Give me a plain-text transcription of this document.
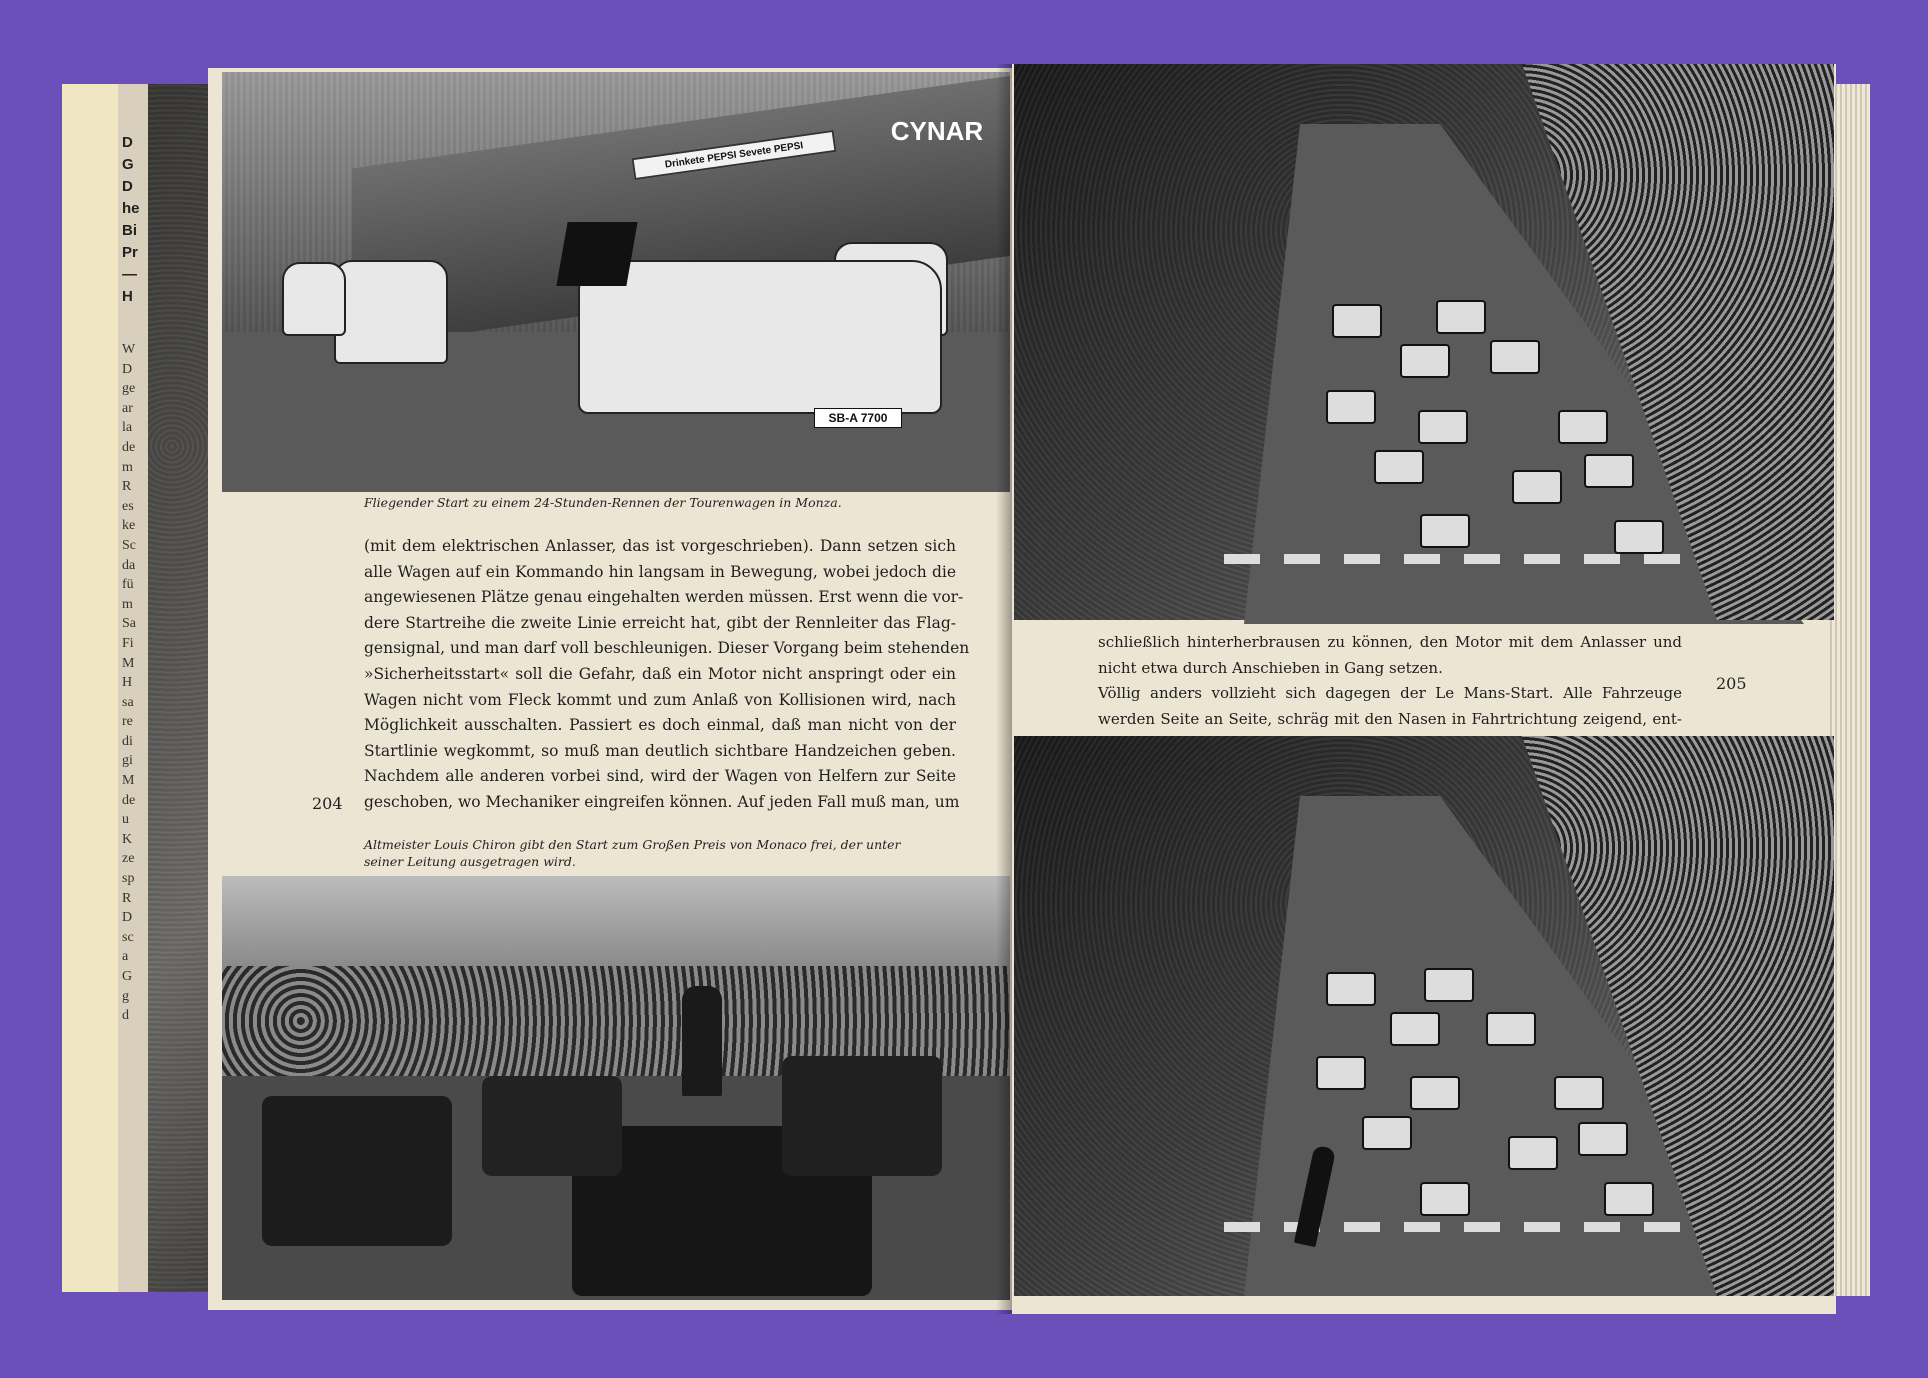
D
G
D
he
Bi
Pr
—
H
W
D
ge
ar
la
de
m
R
es
ke
Sc
da
fü
m
Sa
Fi
M
H
sa
re
di
gi
M
de
u
K
ze
sp
R
D
sc
a
G
g
d
CYNAR
Drinkete PEPSI Sevete PEPSI
SB-A 7700
Fliegender Start zu einem 24-Stunden-Rennen der Tourenwagen in Monza.
(mit dem elektrischen Anlasser, das ist vorgeschrieben). Dann setzen sich
alle Wagen auf ein Kommando hin langsam in Bewegung, wobei jedoch die
angewiesenen Plätze genau eingehalten werden müssen. Erst wenn die vor-
dere Startreihe die zweite Linie erreicht hat, gibt der Rennleiter das Flag-
gensignal, und man darf voll beschleunigen. Dieser Vorgang beim stehenden
»Sicherheitsstart« soll die Gefahr, daß ein Motor nicht anspringt oder ein
Wagen nicht vom Fleck kommt und zum Anlaß von Kollisionen wird, nach
Möglichkeit ausschalten. Passiert es doch einmal, daß man nicht von der
Startlinie wegkommt, so muß man deutlich sichtbare Handzeichen geben.
Nachdem alle anderen vorbei sind, wird der Wagen von Helfern zur Seite
geschoben, wo Mechaniker eingreifen können. Auf jeden Fall muß man, um
204
Altmeister Louis Chiron gibt den Start zum Großen Preis von Monaco frei, der unter
seiner Leitung ausgetragen wird.
schließlich hinterherbrausen zu können, den Motor mit dem Anlasser und
nicht etwa durch Anschieben in Gang setzen.
Völlig anders vollzieht sich dagegen der Le Mans-Start. Alle Fahrzeuge
werden Seite an Seite, schräg mit den Nasen in Fahrtrichtung zeigend, ent-
205
